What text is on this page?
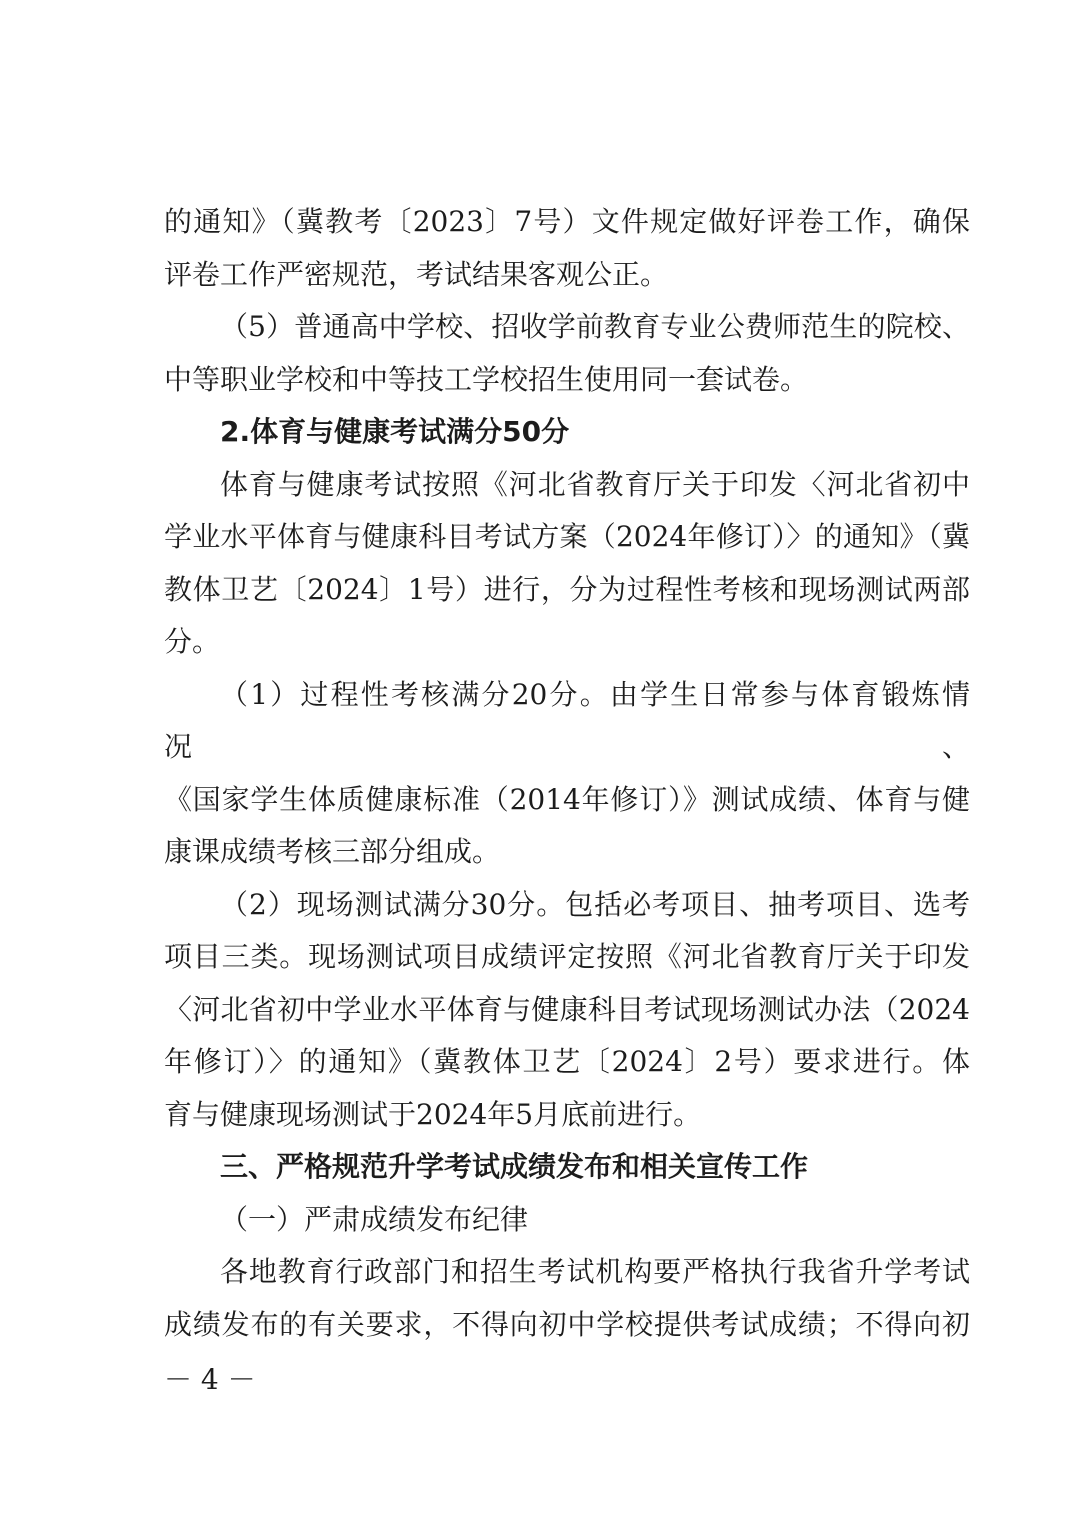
的通知》（冀教考〔2023〕7号）文件规定做好评卷工作，确保

评卷工作严密规范，考试结果客观公正。

（5）普通高中学校、招收学前教育专业公费师范生的院校、

中等职业学校和中等技工学校招生使用同一套试卷。

2.体育与健康考试满分50分

体育与健康考试按照《河北省教育厅关于印发〈河北省初中

学业水平体育与健康科目考试方案（2024年修订）〉的通知》（冀

教体卫艺〔2024〕1号）进行，分为过程性考核和现场测试两部

分。

（1）过程性考核满分20分。由学生日常参与体育锻炼情况、

《国家学生体质健康标准（2014年修订）》测试成绩、体育与健

康课成绩考核三部分组成。

（2）现场测试满分30分。包括必考项目、抽考项目、选考

项目三类。现场测试项目成绩评定按照《河北省教育厅关于印发

〈河北省初中学业水平体育与健康科目考试现场测试办法（2024

年修订）〉的通知》（冀教体卫艺〔2024〕2号）要求进行。体

育与健康现场测试于2024年5月底前进行。

三、严格规范升学考试成绩发布和相关宣传工作

（一）严肃成绩发布纪律

各地教育行政部门和招生考试机构要严格执行我省升学考试

成绩发布的有关要求，不得向初中学校提供考试成绩；不得向初

－ 4 －
